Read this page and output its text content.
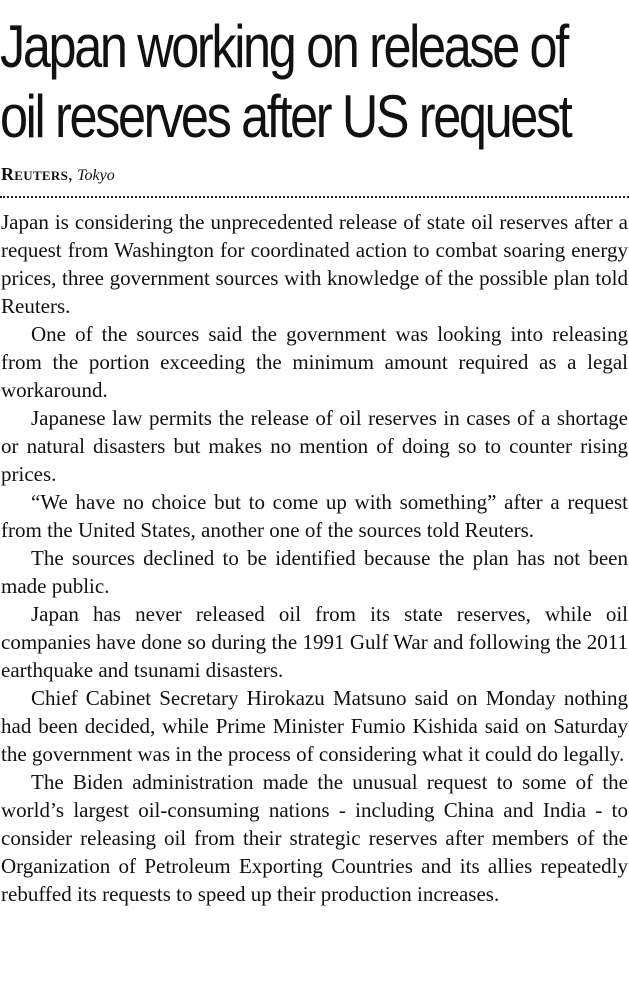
Japan working on release of
oil reserves after US request
Reuters, Tokyo

Japan is considering the unprecedented release of state oil reserves after a request from Washington for coordinated action to combat soaring energy prices, three government sources with knowledge of the possible plan told Reuters.

One of the sources said the government was looking into releasing from the portion exceeding the minimum amount required as a legal workaround.

Japanese law permits the release of oil reserves in cases of a shortage or natural disasters but makes no mention of doing so to counter rising prices.

“We have no choice but to come up with something” after a request from the United States, another one of the sources told Reuters.

The sources declined to be identified because the plan has not been made public.

Japan has never released oil from its state reserves, while oil companies have done so during the 1991 Gulf War and following the 2011 earthquake and tsunami disasters.

Chief Cabinet Secretary Hirokazu Matsuno said on Monday nothing had been decided, while Prime Minister Fumio Kishida said on Saturday the government was in the process of considering what it could do legally.

The Biden administration made the unusual request to some of the world’s largest oil-consuming nations - including China and India - to consider releasing oil from their strategic reserves after members of the Organization of Petroleum Exporting Countries and its allies repeatedly rebuffed its requests to speed up their production increases.
